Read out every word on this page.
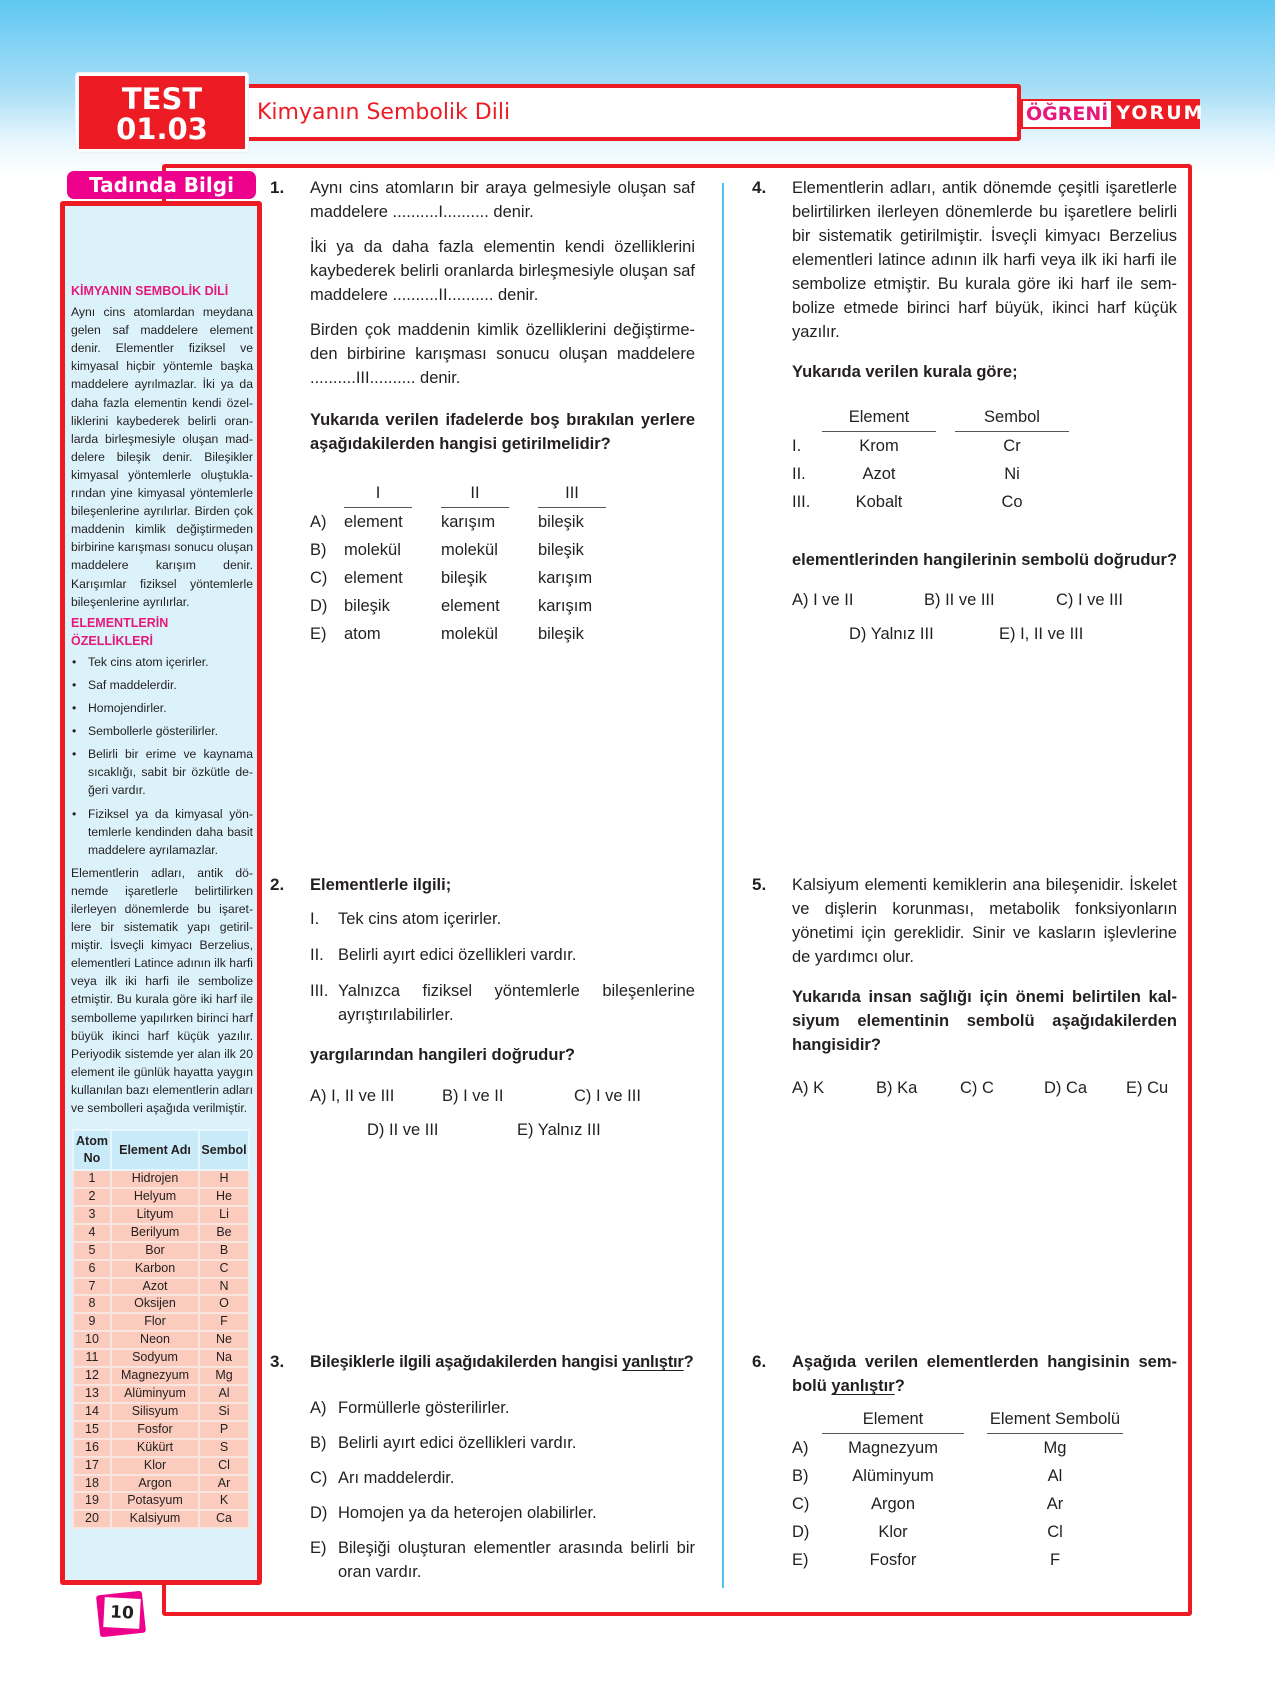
TEST
01.03	Kimyanın Sembolik Dili	ÖĞRENİ YORUM
KİMYANIN SEMBOLİK DİLİ
Aynı cins atomlardan meydana gelen saf maddelere element denir. Elementler fiziksel ve kimyasal hiçbir yöntemle başka maddelere ayrılmazlar. İki ya da daha fazla elementin kendi özelliklerini kaybederek belirli oranlarda birleşmesiyle oluşan maddelere bileşik denir. Bileşikler kimyasal yöntemlerle oluştuklarından yine kimyasal yöntemlerle bileşenlerine ayrılırlar. Birden çok maddenin kimlik değiştirmeden birbirine karışması sonucu oluşan maddelere karışım denir. Karışımlar fiziksel yöntemlerle bileşenlerine ayrılırlar.
ELEMENTLERİN ÖZELLİKLERİ
• Tek cins atom içerirler.
• Saf maddelerdir.
• Homojendirler.
• Sembollerle gösterilirler.
• Belirli bir erime ve kaynama sıcaklığı, sabit bir özkütle değeri vardır.
• Fiziksel ya da kimyasal yöntemlerle kendinden daha basit maddelere ayrılamazlar.
Elementlerin adları, antik dönemde işaretlerle belirtilirken ilerleyen dönemlerde bu işaretlere bir sistematik yapı getirilmiştir. İsveçli kimyacı Berzelius, elementleri Latince adının ilk harfi veya ilk iki harfi ile sembolize etmiştir. Bu kurala göre iki harf ile sembolleme yapılırken birinci harf büyük ikinci harf küçük yazılır. Periyodik sistemde yer alan ilk 20 element ile günlük hayatta yaygın kullanılan bazı elementlerin adları ve sembolleri aşağıda verilmiştir.
Atom No	Element Adı	Sembol
1	Hidrojen	H
2	Helyum	He
3	Lityum	Li
4	Berilyum	Be
5	Bor	B
6	Karbon	C
7	Azot	N
8	Oksijen	O
9	Flor	F
10	Neon	Ne
11	Sodyum	Na
12	Magnezyum	Mg
13	Alüminyum	Al
14	Silisyum	Si
15	Fosfor	P
16	Kükürt	S
17	Klor	Cl
18	Argon	Ar
19	Potasyum	K
20	Kalsiyum	Ca
Tadında Bilgi
10
1. Aynı cins atomların bir araya gelmesiyle oluşan saf maddelere ..........I.......... denir.

İki ya da daha fazla elementin kendi özelliklerini kaybederek belirli oranlarda birleşmesiyle oluşan saf maddelere ..........II.......... denir.

Birden çok maddenin kimlik özelliklerini değiştirmeden birbirine karışması sonucu oluşan maddelere ..........III.......... denir.

Yukarıda verilen ifadelerde boş bırakılan yerlere aşağıdakilerden hangisi getirilmelidir?

I	II	III
A)	element	karışım	bileşik
B)	molekül	molekül	bileşik
C)	element	bileşik	karışım
D)	bileşik	element	karışım
E)	atom	molekül	bileşik
2. Elementlerle ilgili;

I.	Tek cins atom içerirler.
II. Belirli ayırt edici özellikleri vardır.
III. Yalnızca fiziksel yöntemlerle bileşenlerine ayrıştırılabilirler.

yargılarından hangileri doğrudur?

A) I, II ve III	B) I ve II	C) I ve III
D) II ve III	E) Yalnız III
3. Bileşiklerle ilgili aşağıdakilerden hangisi yanlıştır?

A) Formüllerle gösterilirler.
B) Belirli ayırt edici özellikleri vardır.
C) Arı maddelerdir.
D) Homojen ya da heterojen olabilirler.
E) Bileşiği oluşturan elementler arasında belirli bir oran vardır.
4. Elementlerin adları, antik dönemde çeşitli işaretlerle belirtilirken ilerleyen dönemlerde bu işaretlere belirli bir sistematik getirilmiştir. İsveçli kimyacı Berzelius elementleri latince adının ilk harfi veya ilk iki harfi ile sembolize etmiştir. Bu kurala göre iki harf ile sembolize etmede birinci harf büyük, ikinci harf küçük yazılır.

Yukarıda verilen kurala göre;

Element	Sembol
I.	Krom	Cr
II.	Azot	Ni
III.	Kobalt	Co

elementlerinden hangilerinin sembolü doğrudur?

A) I ve II	B) II ve III	C) I ve III
D) Yalnız III	E) I, II ve III
5. Kalsiyum elementi kemiklerin ana bileşenidir. İskelet ve dişlerin korunması, metabolik fonksiyonların yönetimi için gereklidir. Sinir ve kasların işlevlerine de yardımcı olur.

Yukarıda insan sağlığı için önemi belirtilen kalsiyum elementinin sembolü aşağıdakilerden hangisidir?

A) K	B) Ka	C) C	D) Ca	E) Cu
6. Aşağıda verilen elementlerden hangisinin sembolü yanlıştır?

Element	Element Sembolü
A)	Magnezyum	Mg
B)	Alüminyum	Al
C)	Argon	Ar
D)	Klor	Cl
E)	Fosfor	F
